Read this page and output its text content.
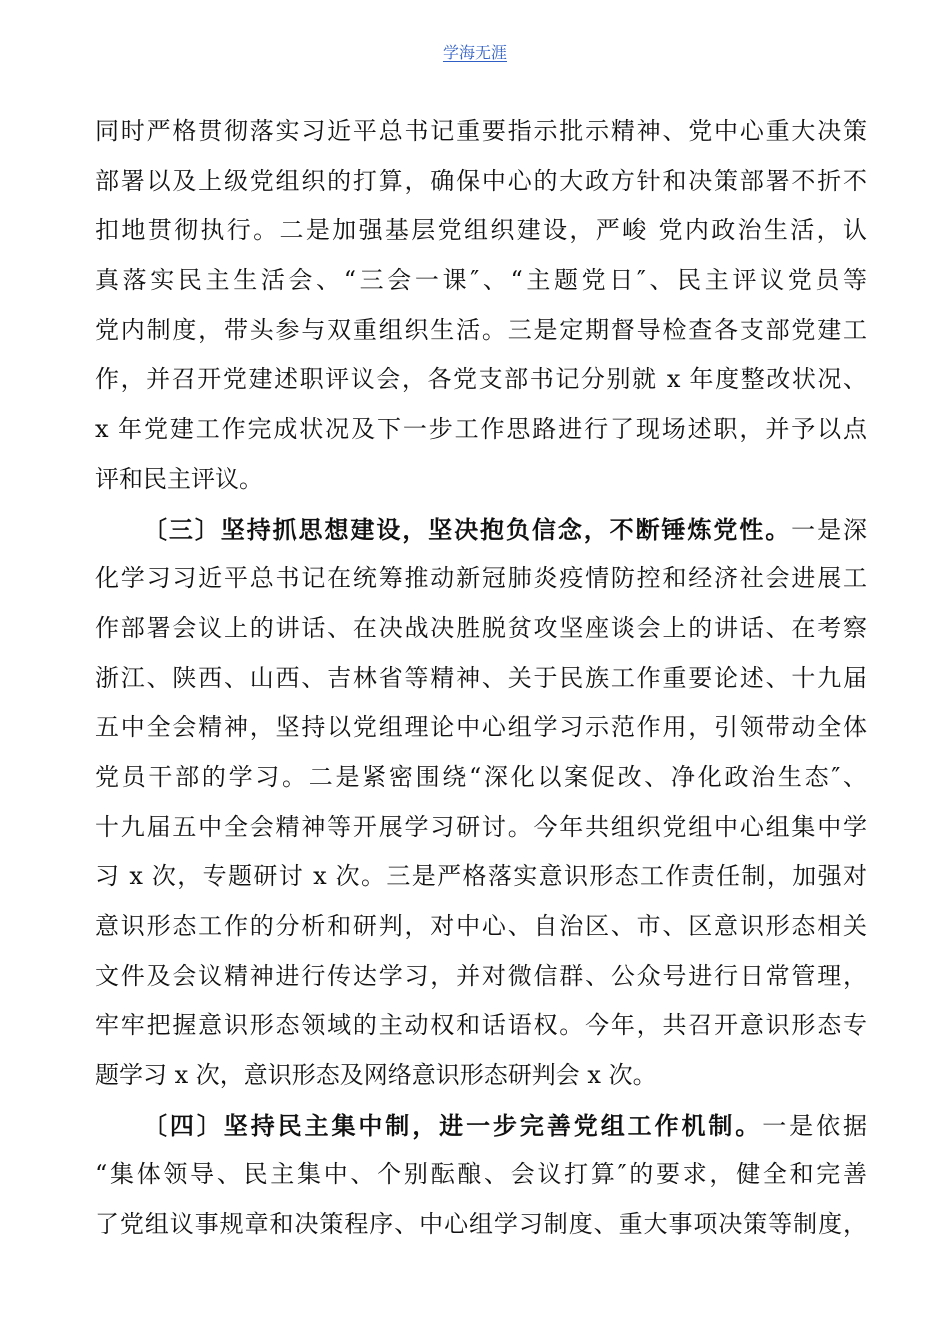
学海无涯
同时严格贯彻落实习近平总书记重要指示批示精神、党中心重大决策
部署以及上级党组织的打算，确保中心的大政方针和决策部署不折不
扣地贯彻执行。二是加强基层党组织建设，严峻 党内政治生活，认
真落实民主生活会、“三会一课″、“主题党日″、民主评议党员等
党内制度，带头参与双重组织生活。三是定期督导检查各支部党建工
作，并召开党建述职评议会，各党支部书记分别就 x 年度整改状况、
x 年党建工作完成状况及下一步工作思路进行了现场述职，并予以点
评和民主评议。
〔三〕坚持抓思想建设，坚决抱负信念，不断锤炼党性。一是深
化学习习近平总书记在统筹推动新冠肺炎疫情防控和经济社会进展工
作部署会议上的讲话、在决战决胜脱贫攻坚座谈会上的讲话、在考察
浙江、陕西、山西、吉林省等精神、关于民族工作重要论述、十九届
五中全会精神，坚持以党组理论中心组学习示范作用，引领带动全体
党员干部的学习。二是紧密围绕“深化以案促改、净化政治生态″、
十九届五中全会精神等开展学习研讨。今年共组织党组中心组集中学
习 x 次，专题研讨 x 次。三是严格落实意识形态工作责任制，加强对
意识形态工作的分析和研判，对中心、自治区、市、区意识形态相关
文件及会议精神进行传达学习，并对微信群、公众号进行日常管理，
牢牢把握意识形态领域的主动权和话语权。今年，共召开意识形态专
题学习 x 次，意识形态及网络意识形态研判会 x 次。
〔四〕坚持民主集中制，进一步完善党组工作机制。一是依据
“集体领导、民主集中、个别酝酿、会议打算″的要求，健全和完善
了党组议事规章和决策程序、中心组学习制度、重大事项决策等制度，
